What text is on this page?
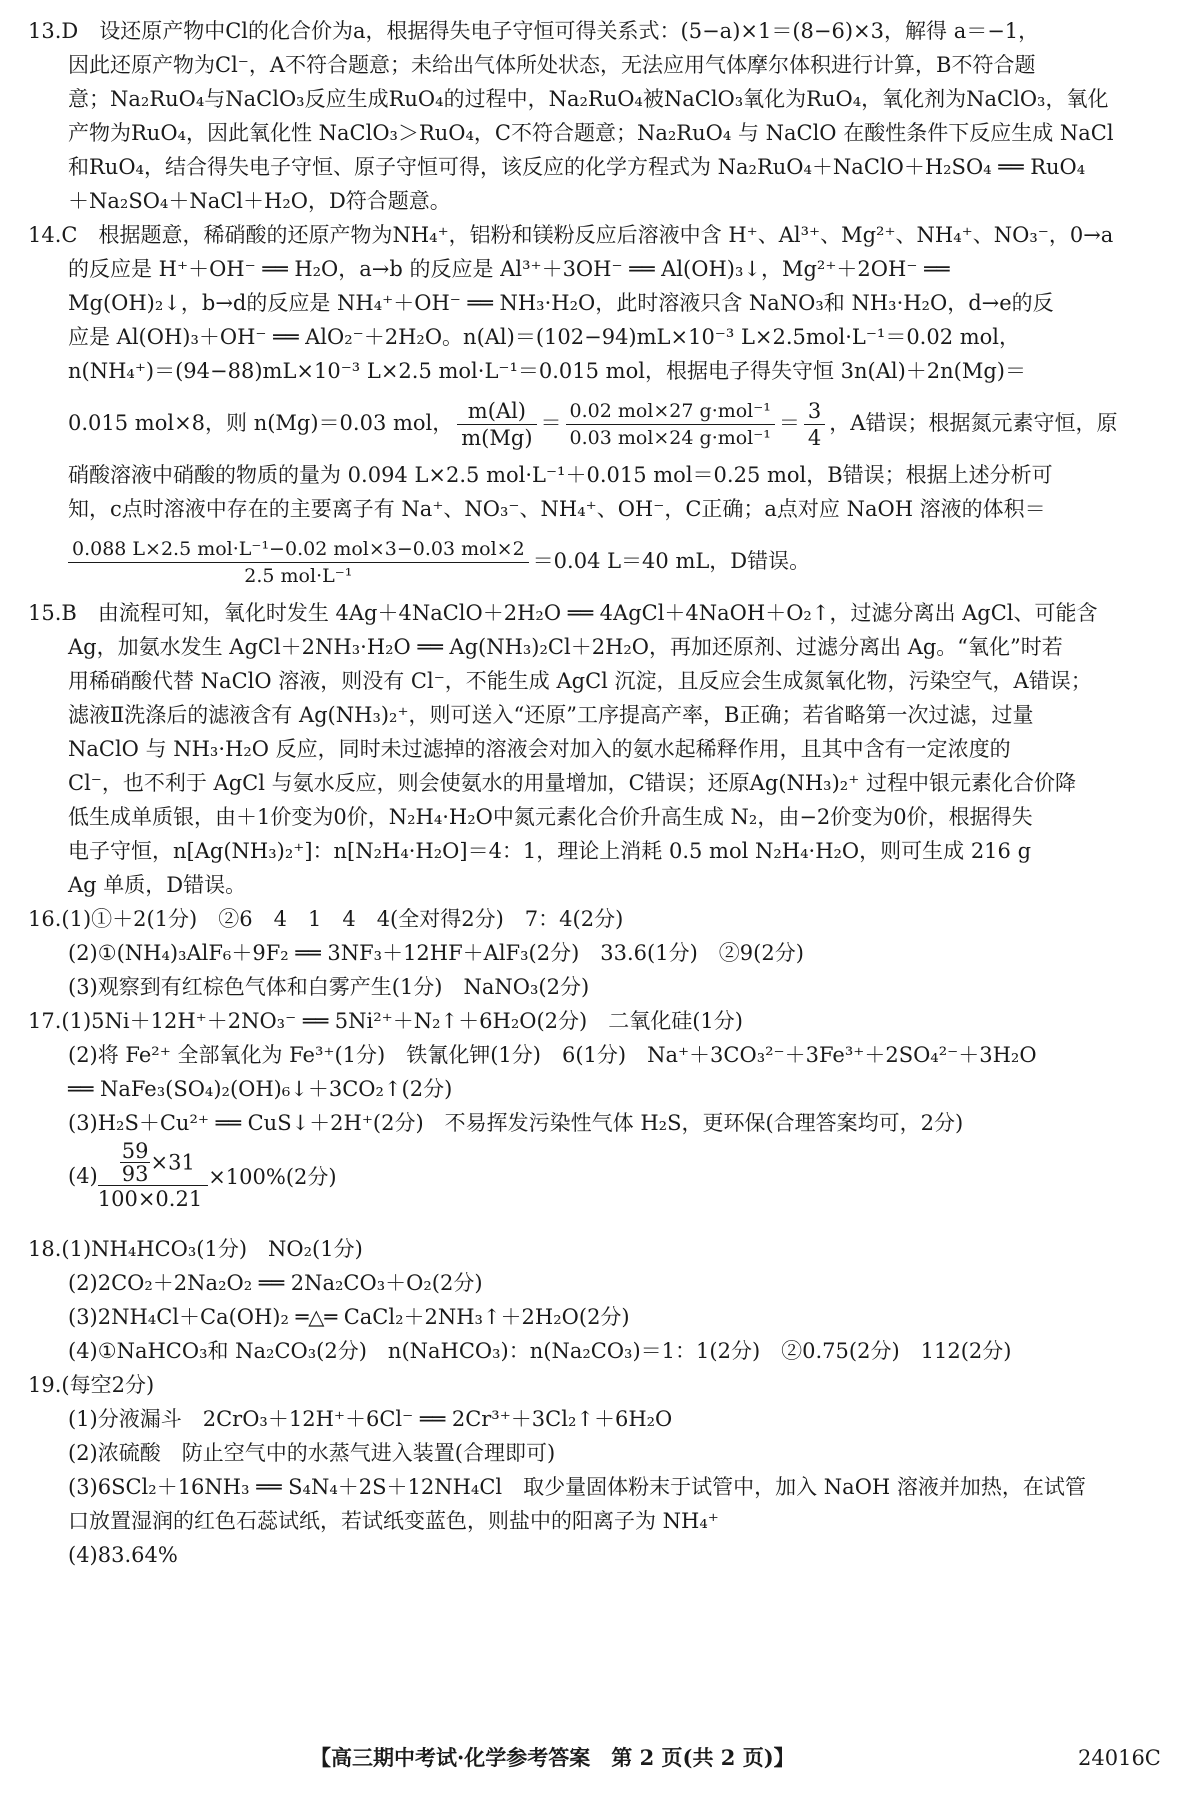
13.D　设还原产物中Cl的化合价为a，根据得失电子守恒可得关系式：(5−a)×1＝(8−6)×3，解得 a＝−1，
因此还原产物为Cl⁻，A不符合题意；未给出气体所处状态，无法应用气体摩尔体积进行计算，B不符合题
意；Na₂RuO₄与NaClO₃反应生成RuO₄的过程中，Na₂RuO₄被NaClO₃氧化为RuO₄，氧化剂为NaClO₃，氧化
产物为RuO₄，因此氧化性 NaClO₃＞RuO₄，C不符合题意；Na₂RuO₄ 与 NaClO 在酸性条件下反应生成 NaCl
和RuO₄，结合得失电子守恒、原子守恒可得，该反应的化学方程式为 Na₂RuO₄＋NaClO＋H₂SO₄ ══ RuO₄
＋Na₂SO₄＋NaCl＋H₂O，D符合题意。
14.C　根据题意，稀硝酸的还原产物为NH₄⁺，铝粉和镁粉反应后溶液中含 H⁺、Al³⁺、Mg²⁺、NH₄⁺、NO₃⁻，0→a
的反应是 H⁺＋OH⁻ ══ H₂O，a→b 的反应是 Al³⁺＋3OH⁻ ══ Al(OH)₃↓，Mg²⁺＋2OH⁻ ══
Mg(OH)₂↓，b→d的反应是 NH₄⁺＋OH⁻ ══ NH₃·H₂O，此时溶液只含 NaNO₃和 NH₃·H₂O，d→e的反
应是 Al(OH)₃＋OH⁻ ══ AlO₂⁻＋2H₂O。n(Al)＝(102−94)mL×10⁻³ L×2.5mol·L⁻¹＝0.02 mol，
n(NH₄⁺)＝(94−88)mL×10⁻³ L×2.5 mol·L⁻¹＝0.015 mol，根据电子得失守恒 3n(Al)＋2n(Mg)＝
0.015 mol×8，则 n(Mg)＝0.03 mol， $\frac{m(Al)}{m(Mg)} = \frac{\text{0.02 mol×27 g·mol⁻¹}}{\text{0.03 mol×24 g·mol⁻¹}} = \frac{3}{4}$ ，A错误；根据氮元素守恒，原
硝酸溶液中硝酸的物质的量为 0.094 L×2.5 mol·L⁻¹＋0.015 mol＝0.25 mol，B错误；根据上述分析可
知，c点时溶液中存在的主要离子有 Na⁺、NO₃⁻、NH₄⁺、OH⁻，C正确；a点对应 NaOH 溶液的体积＝
$\frac{\text{0.088 L×2.5 mol·L⁻¹−0.02 mol×3−0.03 mol×2}}{\text{2.5 mol·L⁻¹}} =0.04$ L＝40 mL，D错误。
15.B　由流程可知，氧化时发生 4Ag＋4NaClO＋2H₂O ══ 4AgCl＋4NaOH＋O₂↑，过滤分离出 AgCl、可能含
Ag，加氨水发生 AgCl＋2NH₃·H₂O ══ Ag(NH₃)₂Cl＋2H₂O，再加还原剂、过滤分离出 Ag。“氧化”时若
用稀硝酸代替 NaClO 溶液，则没有 Cl⁻，不能生成 AgCl 沉淀，且反应会生成氮氧化物，污染空气，A错误；
滤液Ⅱ洗涤后的滤液含有 Ag(NH₃)₂⁺，则可送入“还原”工序提高产率，B正确；若省略第一次过滤，过量
NaClO 与 NH₃·H₂O 反应，同时未过滤掉的溶液会对加入的氨水起稀释作用，且其中含有一定浓度的
Cl⁻，也不利于 AgCl 与氨水反应，则会使氨水的用量增加，C错误；还原Ag(NH₃)₂⁺ 过程中银元素化合价降
低生成单质银，由＋1价变为0价，N₂H₄·H₂O中氮元素化合价升高生成 N₂，由−2价变为0价，根据得失
电子守恒，n[Ag(NH₃)₂⁺]：n[N₂H₄·H₂O]＝4：1，理论上消耗 0.5 mol N₂H₄·H₂O，则可生成 216 g
Ag 单质，D错误。
16.(1)①＋2(1分)　②6　4　1　4　4(全对得2分)　7：4(2分)
(2)①(NH₄)₃AlF₆＋9F₂ ══ 3NF₃＋12HF＋AlF₃(2分)　33.6(1分)　②9(2分)
(3)观察到有红棕色气体和白雾产生(1分)　NaNO₃(2分)
17.(1)5Ni＋12H⁺＋2NO₃⁻ ══ 5Ni²⁺＋N₂↑＋6H₂O(2分)　二氧化硅(1分)
(2)将 Fe²⁺ 全部氧化为 Fe³⁺(1分)　铁氰化钾(1分)　6(1分)　Na⁺＋3CO₃²⁻＋3Fe³⁺＋2SO₄²⁻＋3H₂O
══ NaFe₃(SO₄)₂(OH)₆↓＋3CO₂↑(2分)
(3)H₂S＋Cu²⁺ ══ CuS↓＋2H⁺(2分)　不易挥发污染性气体 H₂S，更环保(合理答案均可，2分)
$(4) \frac{\frac{59}{93} \times 31}{100\times 0.21} \times 100\%(2$分)
18.(1)NH₄HCO₃(1分)　NO₂(1分)
(2)2CO₂＋2Na₂O₂ ══ 2Na₂CO₃＋O₂(2分)
(3)2NH₄Cl＋Ca(OH)₂ ═△═ CaCl₂＋2NH₃↑＋2H₂O(2分)
(4)①NaHCO₃和 Na₂CO₃(2分)　n(NaHCO₃)：n(Na₂CO₃)＝1：1(2分)　②0.75(2分)　112(2分)
19.(每空2分)
(1)分液漏斗　2CrO₃＋12H⁺＋6Cl⁻ ══ 2Cr³⁺＋3Cl₂↑＋6H₂O
(2)浓硫酸　防止空气中的水蒸气进入装置(合理即可)
(3)6SCl₂＋16NH₃ ══ S₄N₄＋2S＋12NH₄Cl　取少量固体粉末于试管中，加入 NaOH 溶液并加热，在试管
口放置湿润的红色石蕊试纸，若试纸变蓝色，则盐中的阳离子为 NH₄⁺
(4)83.64%
【高三期中考试·化学参考答案　第 2 页(共 2 页)】	24016C
